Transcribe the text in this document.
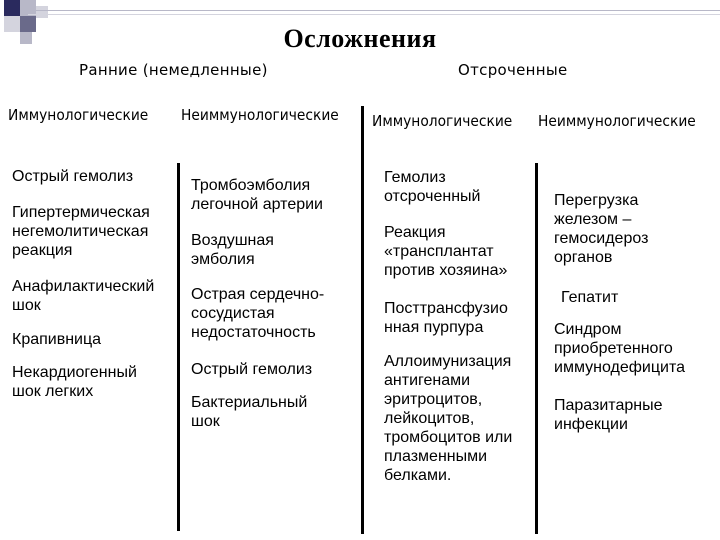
Осложнения
Ранние (немедленные)	Отсроченные
Иммунологические Неиммунологические Иммунологические Неиммунологические
Острый гемолиз
Гипертермическая
негемолитическая
реакция
Анафилактический
шок
Крапивница
Некардиогенный
шок легких
Тромбоэмболия
легочной артерии
Воздушная
эмболия
Острая сердечно-
сосудистая
недостаточность
Острый гемолиз
Бактериальный
шок
Гемолиз
отсроченный
Реакция
«трансплантат
против хозяина»
Посттрансфузио
нная пурпура
Аллоимунизация
антигенами
эритроцитов,
лейкоцитов,
тромбоцитов или
плазменными
белками.
Перегрузка
железом –
гемосидероз
органов
Гепатит
Синдром
приобретенного
иммунодефицита
Паразитарные
инфекции
